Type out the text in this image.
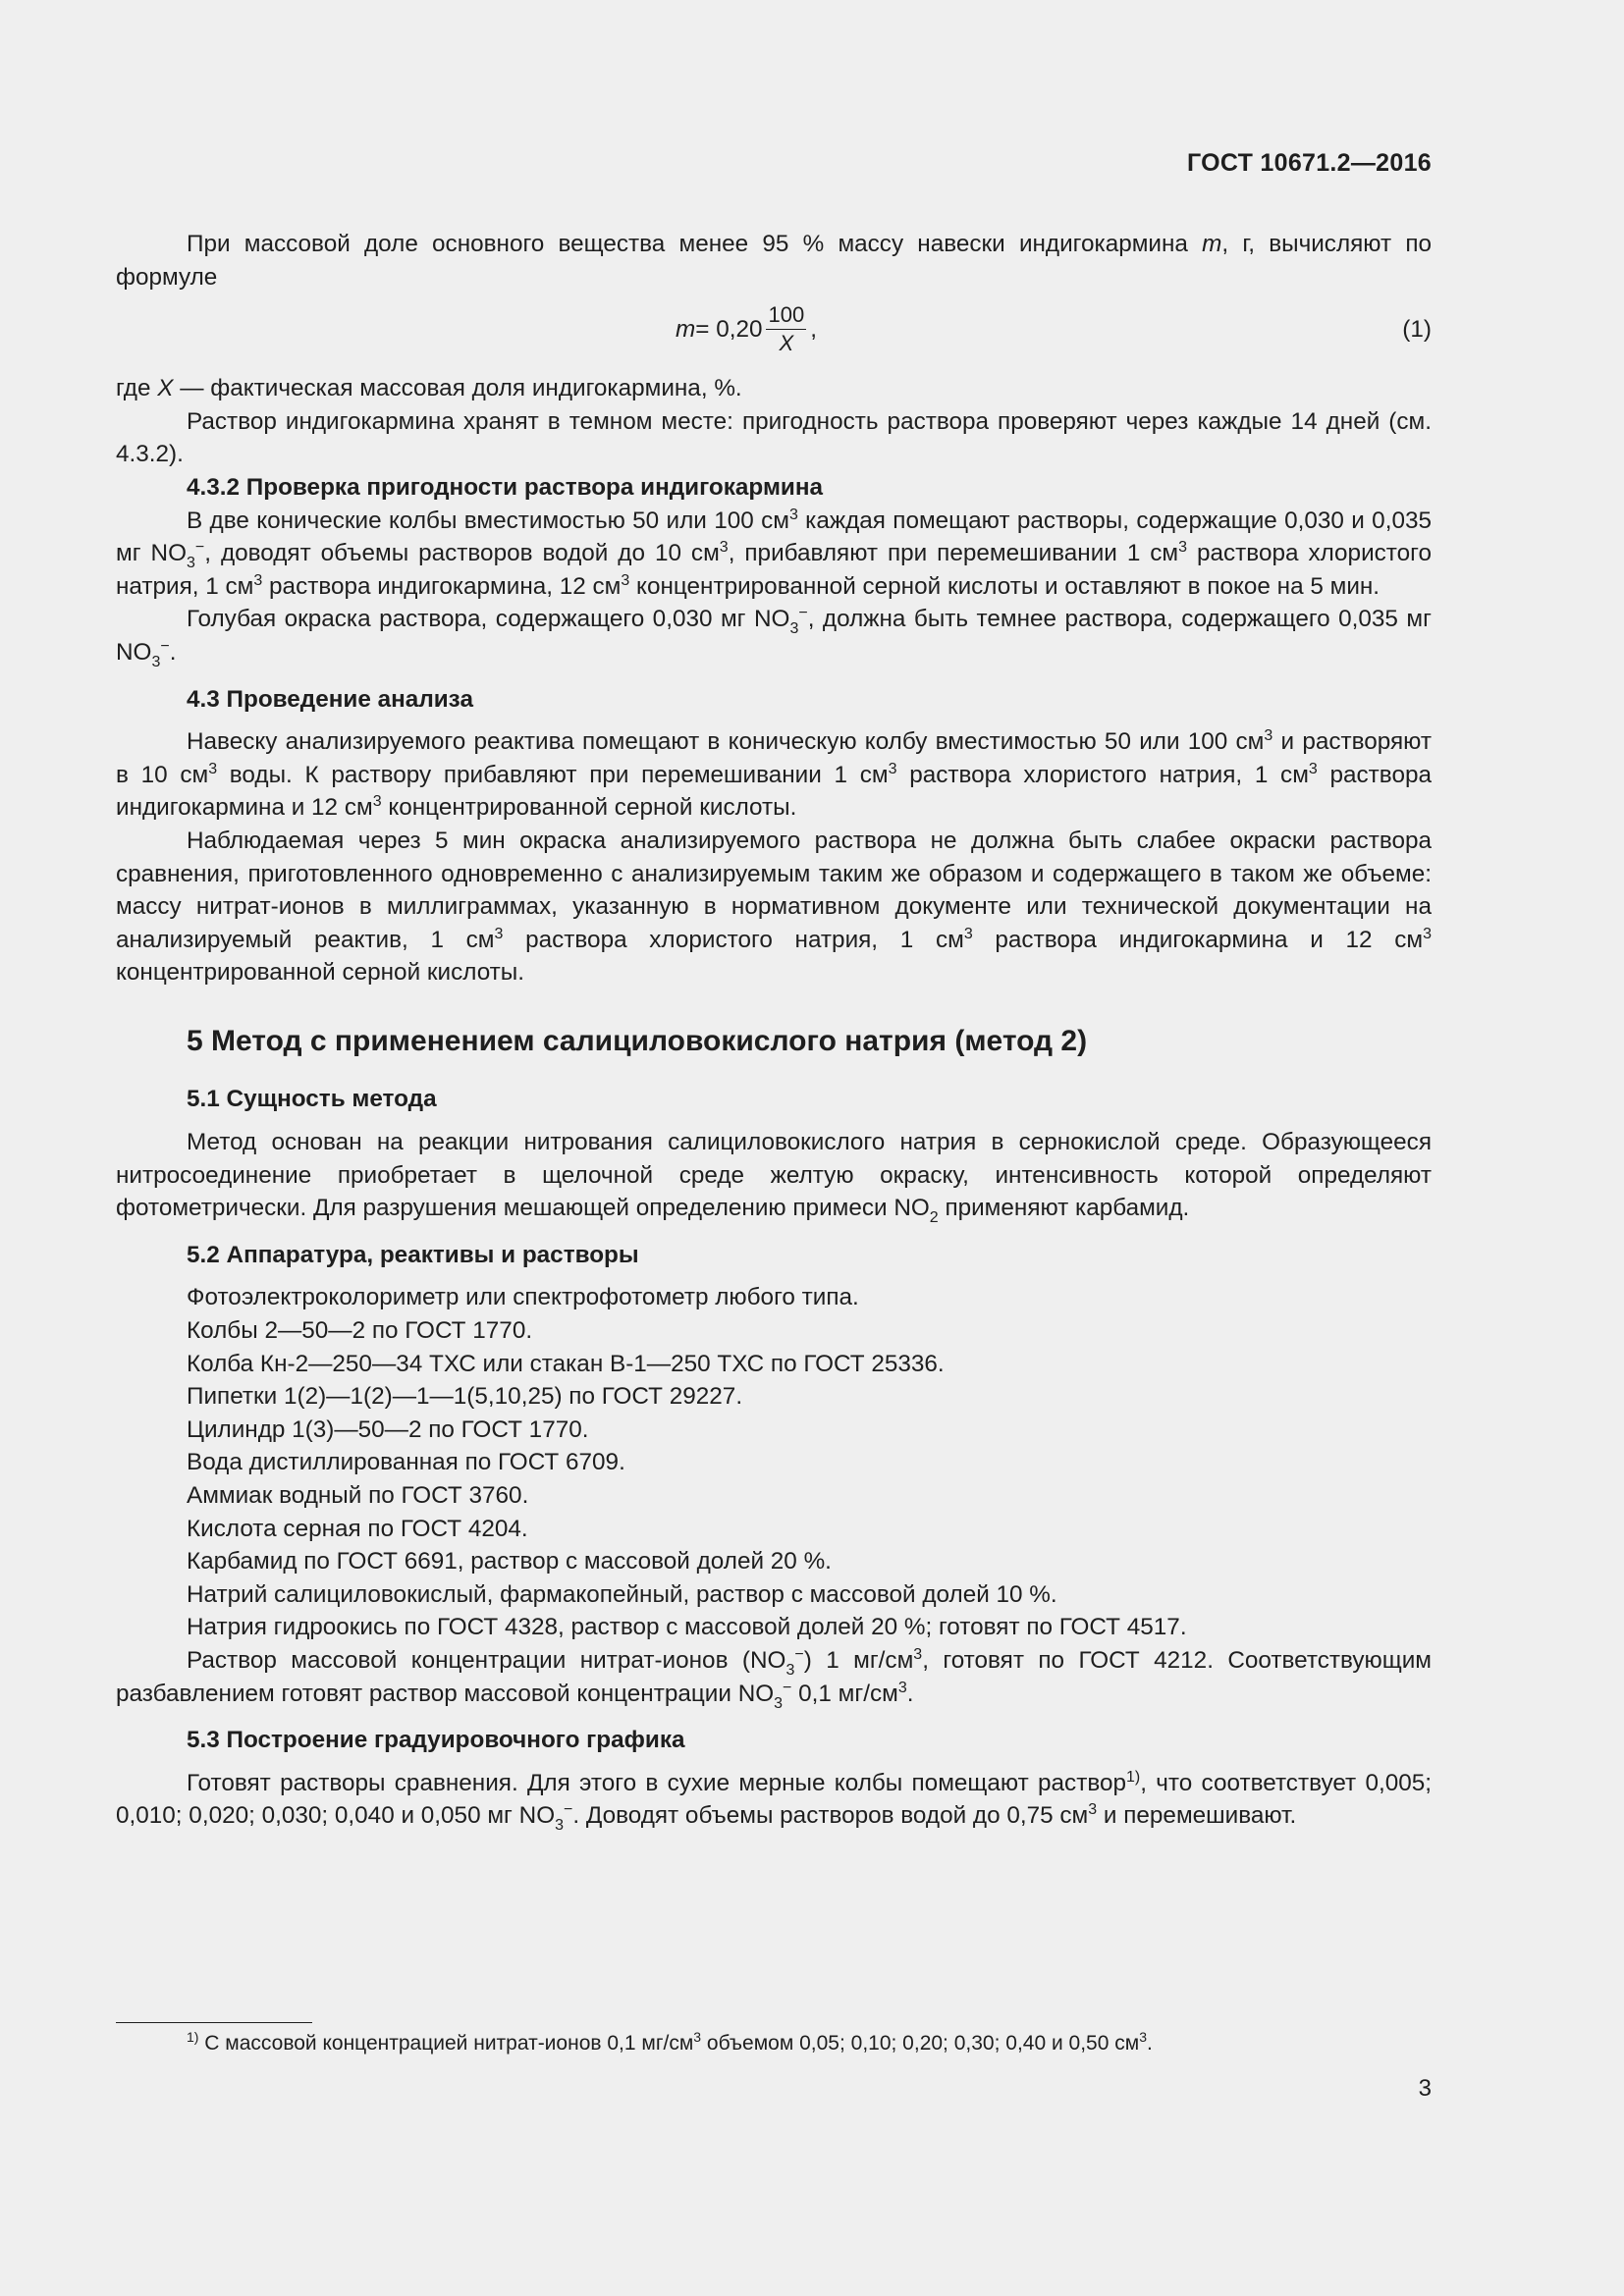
ГОСТ 10671.2—2016

При массовой доле основного вещества менее 95 % массу навески индигокармина m, г, вычисляют по формуле

$m = 0,20 \frac{100}{X}$ ,	(1)

где X — фактическая массовая доля индигокармина, %.

Раствор индигокармина хранят в темном месте: пригодность раствора проверяют через каждые 14 дней (см. 4.3.2).

4.3.2 Проверка пригодности раствора индигокармина

В две конические колбы вместимостью 50 или 100 $см^3$ каждая помещают растворы, содержащие 0,030 и 0,035 мг $NO_3^-$, доводят объемы растворов водой до 10 $см^3$, прибавляют при перемешивании 1 $см^3$ раствора хлористого натрия, 1 $см^3$ раствора индигокармина, 12 $см^3$ концентрированной серной кислоты и оставляют в покое на 5 мин.

Голубая окраска раствора, содержащего 0,030 мг $NO_3^-$, должна быть темнее раствора, содержащего 0,035 мг $NO_3^-$.

4.3 Проведение анализа

Навеску анализируемого реактива помещают в коническую колбу вместимостью 50 или 100 $см^3$ и растворяют в 10 $см^3$ воды. К раствору прибавляют при перемешивании 1 $см^3$ раствора хлористого натрия, 1 $см^3$ раствора индигокармина и 12 $см^3$ концентрированной серной кислоты.

Наблюдаемая через 5 мин окраска анализируемого раствора не должна быть слабее окраски раствора сравнения, приготовленного одновременно с анализируемым таким же образом и содержащего в таком же объеме: массу нитрат-ионов в миллиграммах, указанную в нормативном документе или технической документации на анализируемый реактив, 1 $см^3$ раствора хлористого натрия, 1 $см^3$ раствора индигокармина и 12 $см^3$ концентрированной серной кислоты.

5 Метод с применением салициловокислого натрия (метод 2)

5.1 Сущность метода

Метод основан на реакции нитрования салициловокислого натрия в сернокислой среде. Образующееся нитросоединение приобретает в щелочной среде желтую окраску, интенсивность которой определяют фотометрически. Для разрушения мешающей определению примеси $NO_2$ применяют карбамид.

5.2 Аппаратура, реактивы и растворы

Фотоэлектроколориметр или спектрофотометр любого типа.

Колбы 2—50—2 по ГОСТ 1770.

Колба Кн-2—250—34 ТХС или стакан В-1—250 ТХС по ГОСТ 25336.

Пипетки 1(2)—1(2)—1—1(5,10,25) по ГОСТ 29227.

Цилиндр 1(3)—50—2 по ГОСТ 1770.

Вода дистиллированная по ГОСТ 6709.

Аммиак водный по ГОСТ 3760.

Кислота серная по ГОСТ 4204.

Карбамид по ГОСТ 6691, раствор с массовой долей 20 %.

Натрий салициловокислый, фармакопейный, раствор с массовой долей 10 %.

Натрия гидроокись по ГОСТ 4328, раствор с массовой долей 20 %; готовят по ГОСТ 4517.

Раствор массовой концентрации нитрат-ионов $(NO_3^-)$ 1 $мг/см^3$, готовят по ГОСТ 4212. Соответствующим разбавлением готовят раствор массовой концентрации $NO_3^-$ 0,1 $мг/см^3$.

5.3 Построение градуировочного графика

Готовят растворы сравнения. Для этого в сухие мерные колбы помещают раствор$^{1)}$, что соответствует 0,005; 0,010; 0,020; 0,030; 0,040 и 0,050 мг $NO_3^-$. Доводят объемы растворов водой до 0,75 $см^3$ и перемешивают.

$^{1)}$ С массовой концентрацией нитрат-ионов 0,1 $мг/см^3$ объемом 0,05; 0,10; 0,20; 0,30; 0,40 и 0,50 $см^3$.
3
